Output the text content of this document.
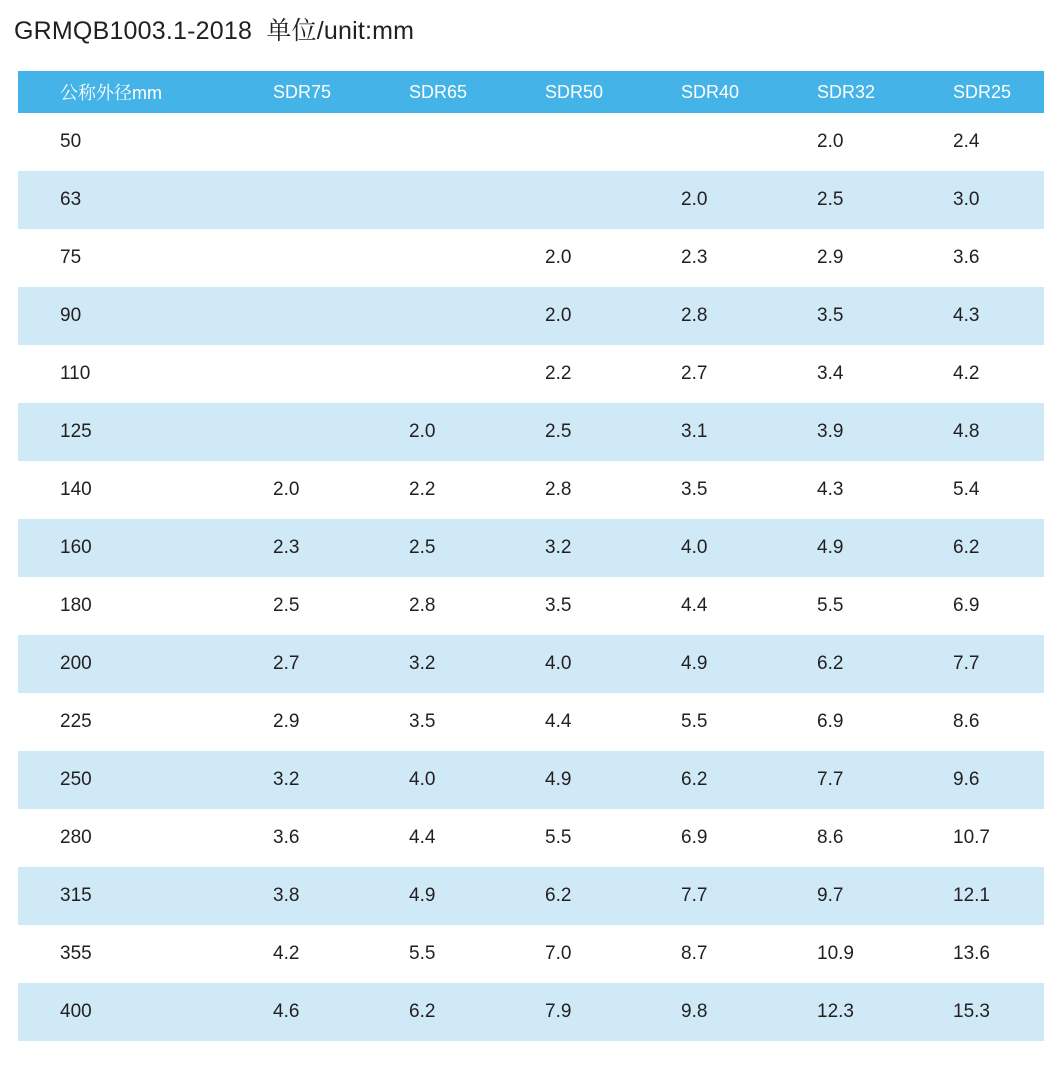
GRMQB1003.1-2018  单位/unit:mm
公称外径mm	SDR75	SDR65	SDR50	SDR40	SDR32	SDR25
50					2.0	2.4
63				2.0	2.5	3.0
75			2.0	2.3	2.9	3.6
90			2.0	2.8	3.5	4.3
110			2.2	2.7	3.4	4.2
125		2.0	2.5	3.1	3.9	4.8
140	2.0	2.2	2.8	3.5	4.3	5.4
160	2.3	2.5	3.2	4.0	4.9	6.2
180	2.5	2.8	3.5	4.4	5.5	6.9
200	2.7	3.2	4.0	4.9	6.2	7.7
225	2.9	3.5	4.4	5.5	6.9	8.6
250	3.2	4.0	4.9	6.2	7.7	9.6
280	3.6	4.4	5.5	6.9	8.6	10.7
315	3.8	4.9	6.2	7.7	9.7	12.1
355	4.2	5.5	7.0	8.7	10.9	13.6
400	4.6	6.2	7.9	9.8	12.3	15.3
